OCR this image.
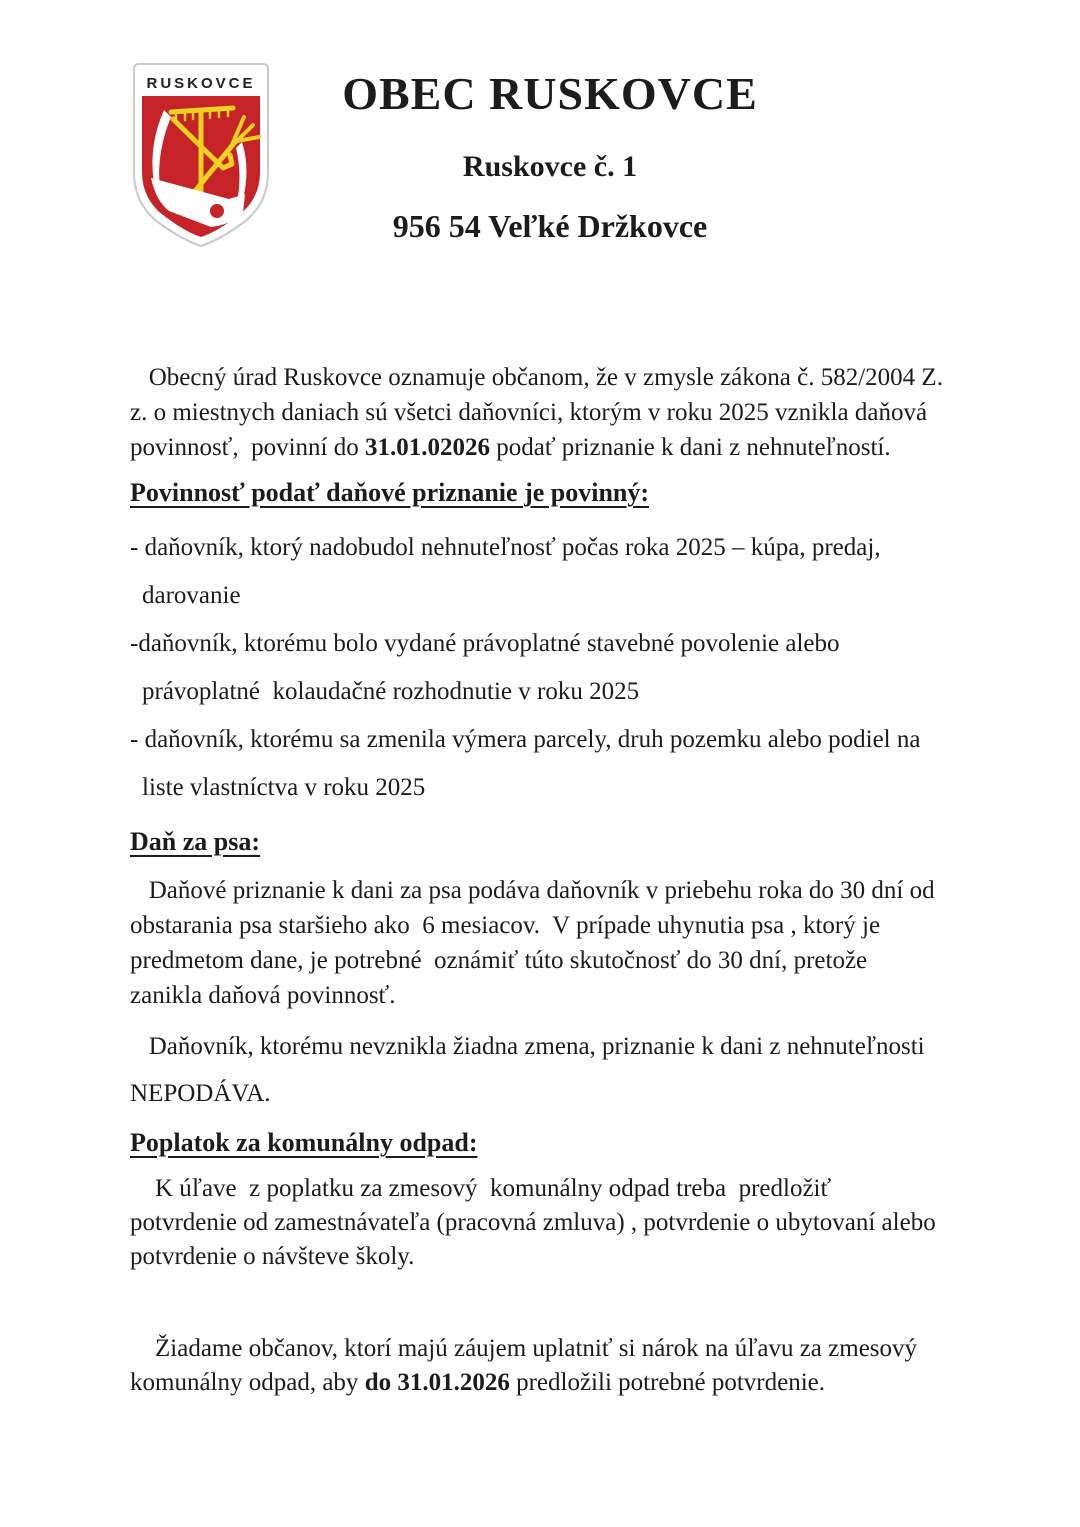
RUSKOVCE	OBEC RUSKOVCE
Ruskovce č. 1
956 54 Veľké Držkovce
Obecný úrad Ruskovce oznamuje občanom, že v zmysle zákona č. 582/2004 Z.
z. o miestnych daniach sú všetci daňovníci, ktorým v roku 2025 vznikla daňová
povinnosť,  povinní do 31.01.02026 podať priznanie k dani z nehnuteľností.
Povinnosť podať daňové priznanie je povinný:
- daňovník, ktorý nadobudol nehnuteľnosť počas roka 2025 – kúpa, predaj,
darovanie
-daňovník, ktorému bolo vydané právoplatné stavebné povolenie alebo
právoplatné  kolaudačné rozhodnutie v roku 2025
- daňovník, ktorému sa zmenila výmera parcely, druh pozemku alebo podiel na
liste vlastníctva v roku 2025
Daň za psa:
Daňové priznanie k dani za psa podáva daňovník v priebehu roka do 30 dní od
obstarania psa staršieho ako  6 mesiacov.  V prípade uhynutia psa , ktorý je
predmetom dane, je potrebné  oznámiť túto skutočnosť do 30 dní, pretože
zanikla daňová povinnosť.
Daňovník, ktorému nevznikla žiadna zmena, priznanie k dani z nehnuteľnosti
NEPODÁVA.
Poplatok za komunálny odpad:
K úľave  z poplatku za zmesový  komunálny odpad treba  predložiť
potvrdenie od zamestnávateľa (pracovná zmluva) , potvrdenie o ubytovaní alebo
potvrdenie o návšteve školy.
Žiadame občanov, ktorí majú záujem uplatniť si nárok na úľavu za zmesový
komunálny odpad, aby do 31.01.2026 predložili potrebné potvrdenie.
